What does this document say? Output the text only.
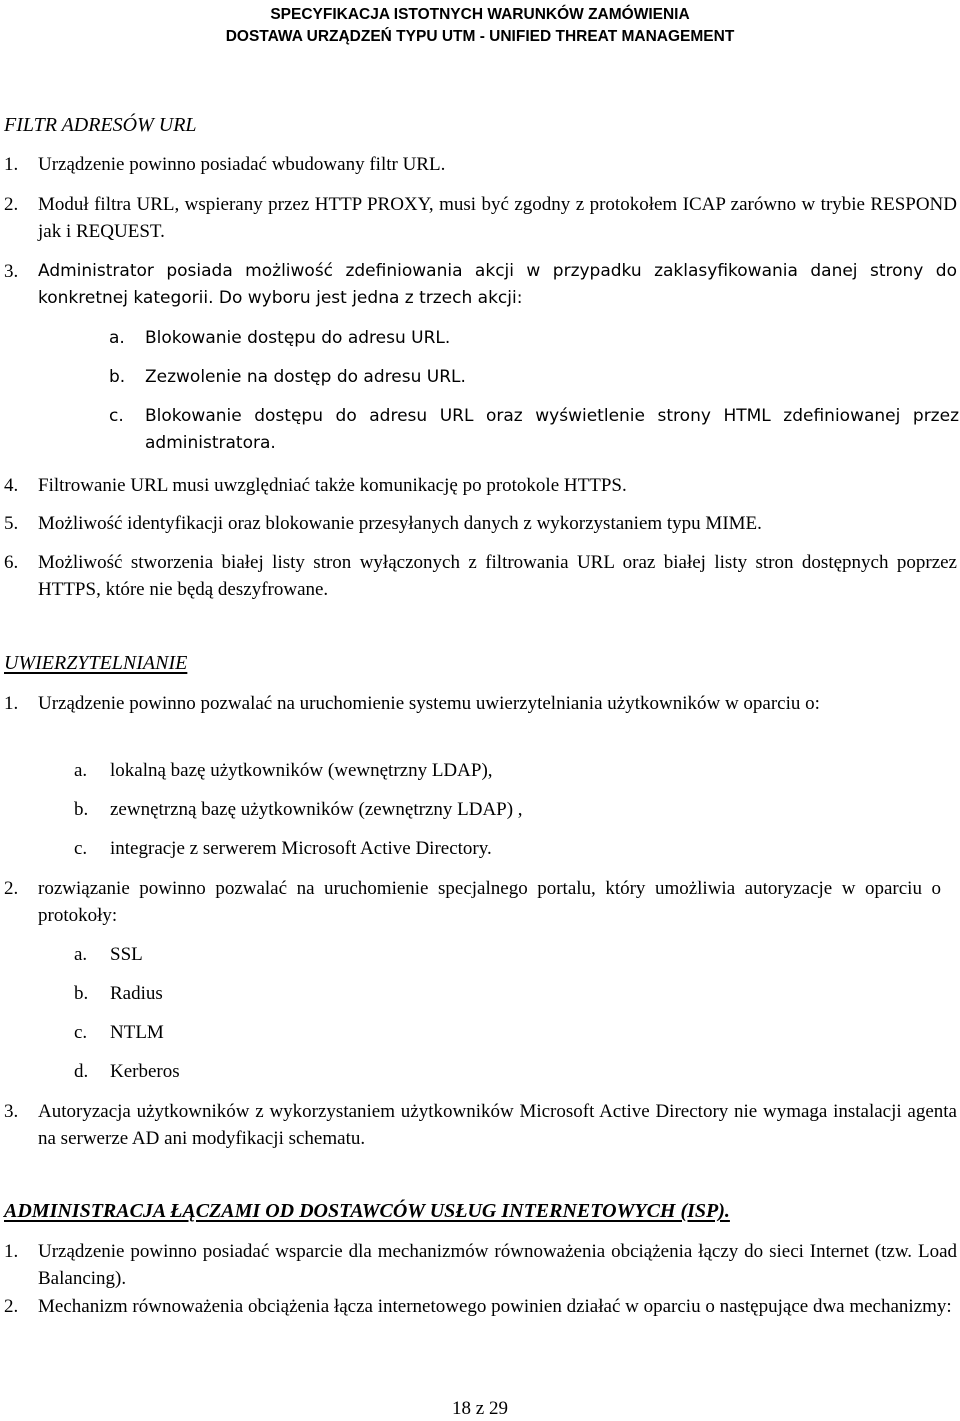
SPECYFIKACJA ISTOTNYCH WARUNKÓW ZAMÓWIENIA
DOSTAWA URZĄDZEŃ TYPU UTM - UNIFIED THREAT MANAGEMENT
FILTR ADRESÓW URL
1. Urządzenie powinno posiadać wbudowany filtr URL.
2. Moduł filtra URL, wspierany przez HTTP PROXY, musi być zgodny z protokołem ICAP zarówno w trybie RESPOND jak i REQUEST.
3. Administrator posiada możliwość zdefiniowania akcji w przypadku zaklasyfikowania danej strony do konkretnej kategorii. Do wyboru jest jedna z trzech akcji:
a. Blokowanie dostępu do adresu URL.
b. Zezwolenie na dostęp do adresu URL.
c. Blokowanie dostępu do adresu URL oraz wyświetlenie strony HTML zdefiniowanej przez administratora.
4. Filtrowanie URL musi uwzględniać także komunikację po protokole HTTPS.
5. Możliwość identyfikacji oraz blokowanie przesyłanych danych z wykorzystaniem typu MIME.
6. Możliwość stworzenia białej listy stron wyłączonych z filtrowania URL oraz białej listy stron dostępnych poprzez HTTPS, które nie będą deszyfrowane.
UWIERZYTELNIANIE
1. Urządzenie powinno pozwalać na uruchomienie systemu uwierzytelniania użytkowników w oparciu o:
a. lokalną bazę użytkowników (wewnętrzny LDAP),
b. zewnętrzną bazę użytkowników (zewnętrzny LDAP) ,
c. integracje z serwerem Microsoft Active Directory.
2. rozwiązanie powinno pozwalać na uruchomienie specjalnego portalu, który umożliwia autoryzacje w oparciu o protokoły:
a. SSL
b. Radius
c. NTLM
d. Kerberos
3. Autoryzacja użytkowników z wykorzystaniem użytkowników Microsoft Active Directory nie wymaga instalacji agenta na serwerze AD ani modyfikacji schematu.
ADMINISTRACJA ŁĄCZAMI OD DOSTAWCÓW USŁUG INTERNETOWYCH (ISP).
1. Urządzenie powinno posiadać wsparcie dla mechanizmów równoważenia obciążenia łączy do sieci Internet (tzw. Load Balancing).
2. Mechanizm równoważenia obciążenia łącza internetowego powinien działać w oparciu o następujące dwa mechanizmy:
18 z 29
